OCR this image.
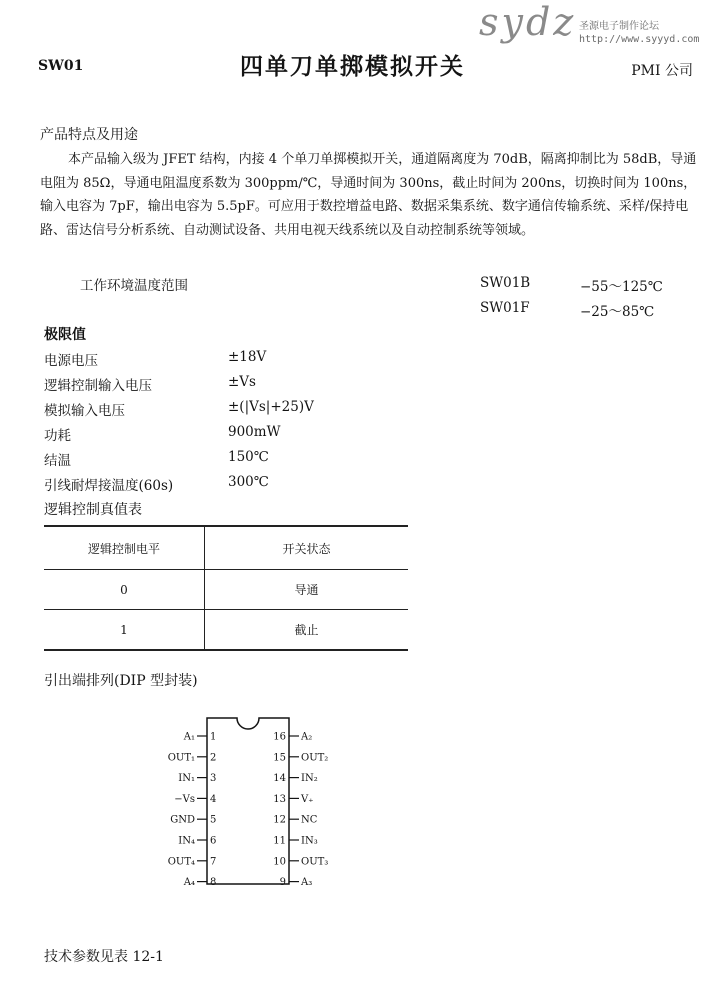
SW01	四单刀单掷模拟开关	PMI 公司
sydz 圣源电子制作论坛
http://www.syyyd.com
产品特点及用途
本产品输入级为 JFET 结构，内接 4 个单刀单掷模拟开关，通道隔离度为 70dB，隔离抑制比为 58dB，导通电阻为 85Ω，导通电阻温度系数为 300ppm/℃，导通时间为 300ns，截止时间为 200ns，切换时间为 100ns，输入电容为 7pF，输出电容为 5.5pF。可应用于数控增益电路、数据采集系统、数字通信传输系统、采样/保持电路、雷达信号分析系统、自动测试设备、共用电视天线系统以及自动控制系统等领域。
工作环境温度范围	SW01B	−55～125℃
SW01F	−25～85℃
极限值
电源电压	±18V
逻辑控制输入电压	±Vs
模拟输入电压	±(|Vs|+25)V
功耗	900mW
结温	150℃
引线耐焊接温度(60s)	300℃
逻辑控制真值表
逻辑控制电平	开关状态
0	导通
1	截止
引出端排列(DIP 型封装)
A₁ 1
OUT₁ 2
IN₁ 3
−Vs 4
GND 5
IN₄ 6
OUT₄ 7
A₄ 8
16 A₂
15 OUT₂
14 IN₂
13 V₊
12 NC
11 IN₃
10 OUT₃
9 A₃
技术参数见表 12-1
